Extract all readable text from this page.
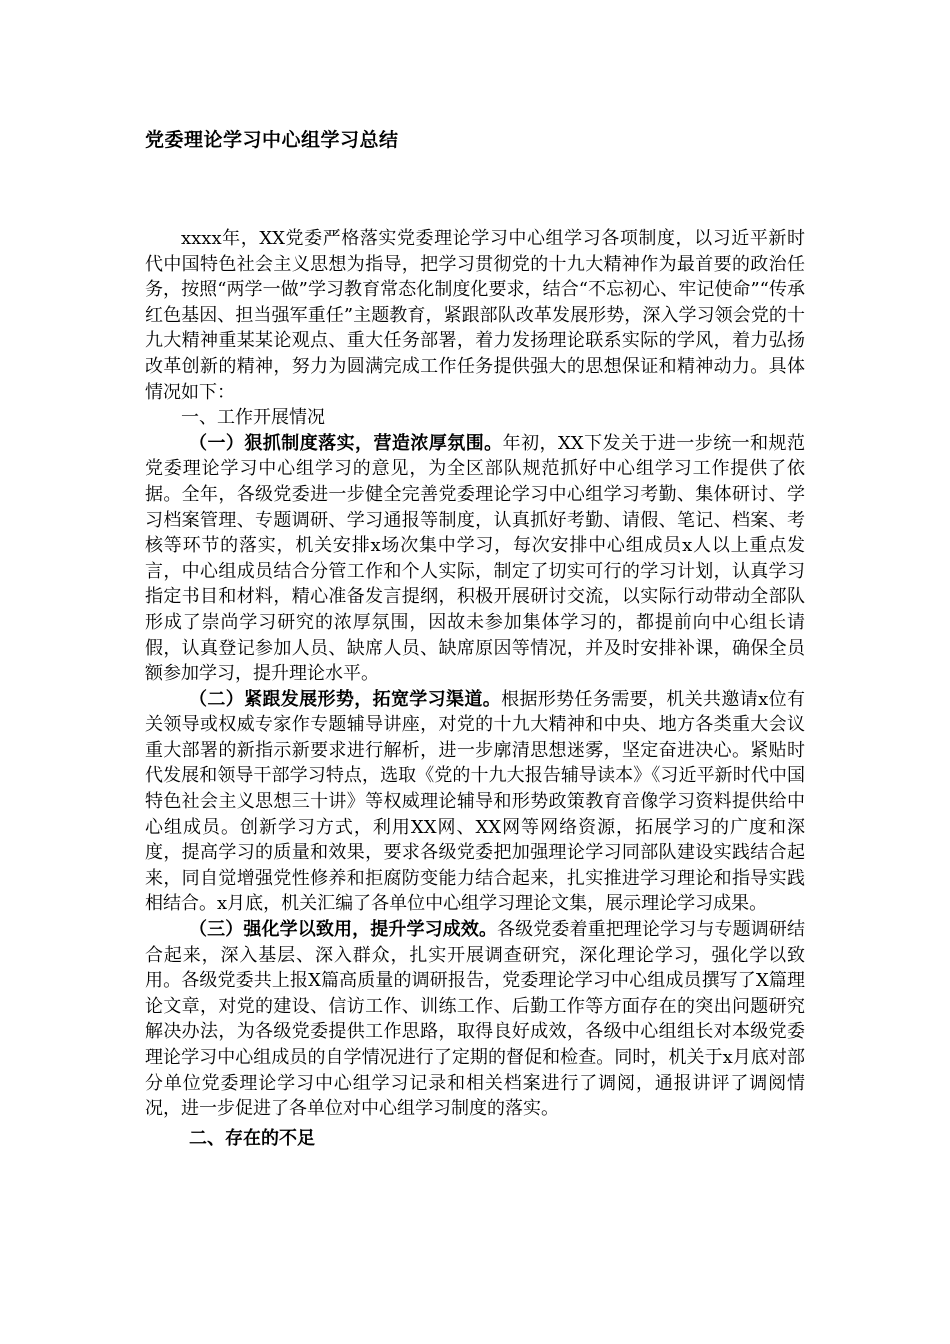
党委理论学习中心组学习总结

xxxx年，XX党委严格落实党委理论学习中心组学习各项制度，以习近平新时代中国特色社会主义思想为指导，把学习贯彻党的十九大精神作为最首要的政治任务，按照“两学一做”学习教育常态化制度化要求，结合“不忘初心、牢记使命”“传承红色基因、担当强军重任”主题教育，紧跟部队改革发展形势，深入学习领会党的十九大精神重某某论观点、重大任务部署，着力发扬理论联系实际的学风，着力弘扬改革创新的精神，努力为圆满完成工作任务提供强大的思想保证和精神动力。具体情况如下：

一、工作开展情况

（一）狠抓制度落实，营造浓厚氛围。年初，XX下发关于进一步统一和规范党委理论学习中心组学习的意见，为全区部队规范抓好中心组学习工作提供了依据。全年，各级党委进一步健全完善党委理论学习中心组学习考勤、集体研讨、学习档案管理、专题调研、学习通报等制度，认真抓好考勤、请假、笔记、档案、考核等环节的落实，机关安排x场次集中学习，每次安排中心组成员x人以上重点发言，中心组成员结合分管工作和个人实际，制定了切实可行的学习计划，认真学习指定书目和材料，精心准备发言提纲，积极开展研讨交流，以实际行动带动全部队形成了崇尚学习研究的浓厚氛围，因故未参加集体学习的，都提前向中心组长请假，认真登记参加人员、缺席人员、缺席原因等情况，并及时安排补课，确保全员额参加学习，提升理论水平。

（二）紧跟发展形势，拓宽学习渠道。根据形势任务需要，机关共邀请x位有关领导或权威专家作专题辅导讲座，对党的十九大精神和中央、地方各类重大会议重大部署的新指示新要求进行解析，进一步廓清思想迷雾，坚定奋进决心。紧贴时代发展和领导干部学习特点，选取《党的十九大报告辅导读本》《习近平新时代中国特色社会主义思想三十讲》等权威理论辅导和形势政策教育音像学习资料提供给中心组成员。创新学习方式，利用XX网、XX网等网络资源，拓展学习的广度和深度，提高学习的质量和效果，要求各级党委把加强理论学习同部队建设实践结合起来，同自觉增强党性修养和拒腐防变能力结合起来，扎实推进学习理论和指导实践相结合。x月底，机关汇编了各单位中心组学习理论文集，展示理论学习成果。

（三）强化学以致用，提升学习成效。各级党委着重把理论学习与专题调研结合起来，深入基层、深入群众，扎实开展调查研究，深化理论学习，强化学以致用。各级党委共上报X篇高质量的调研报告，党委理论学习中心组成员撰写了X篇理论文章，对党的建设、信访工作、训练工作、后勤工作等方面存在的突出问题研究解决办法，为各级党委提供工作思路，取得良好成效，各级中心组组长对本级党委理论学习中心组成员的自学情况进行了定期的督促和检查。同时，机关于x月底对部分单位党委理论学习中心组学习记录和相关档案进行了调阅，通报讲评了调阅情况，进一步促进了各单位对中心组学习制度的落实。

二、存在的不足
